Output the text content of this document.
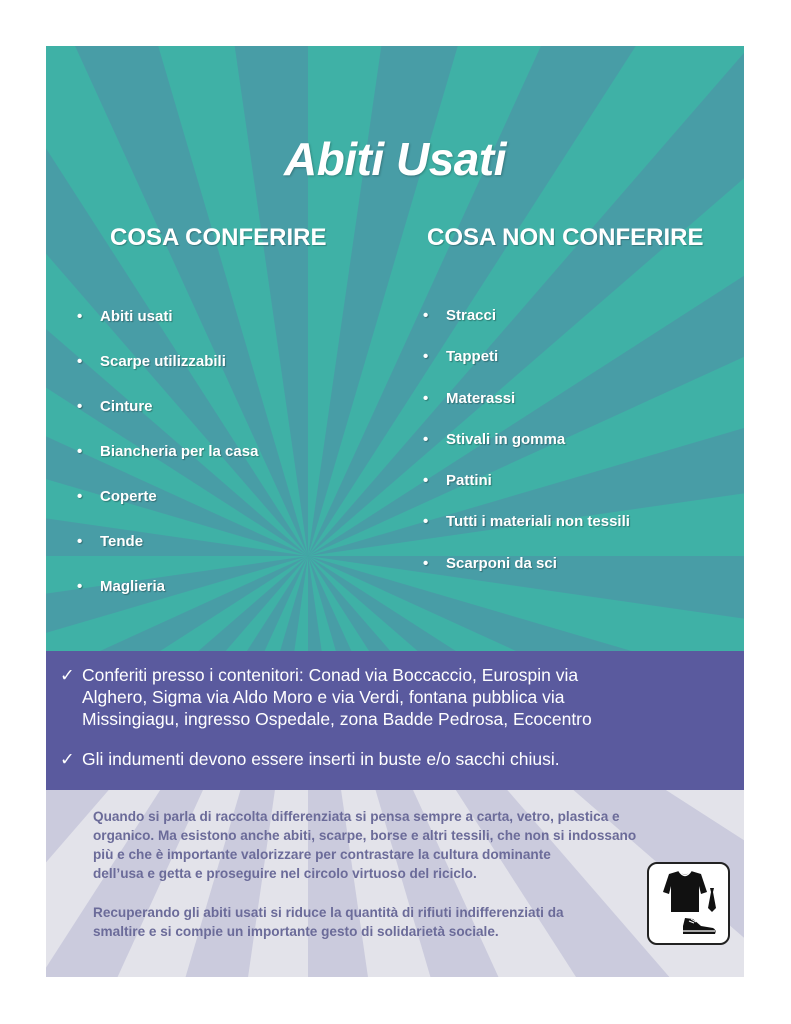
Abiti Usati
COSA CONFERIRE	COSA NON CONFERIRE
• Abiti usati
• Scarpe utilizzabili
• Cinture
• Biancheria per la casa
• Coperte
• Tende
• Maglieria
• Stracci
• Tappeti
• Materassi
• Stivali in gomma
• Pattini
• Tutti i materiali non tessili
• Scarponi da sci
✓ Conferiti presso i contenitori: Conad via Boccaccio, Eurospin via
Alghero, Sigma via Aldo Moro e via Verdi, fontana pubblica via
Missingiagu, ingresso Ospedale, zona Badde Pedrosa, Ecocentro
✓ Gli indumenti devono essere inserti in buste e/o sacchi chiusi.
Quando si parla di raccolta differenziata si pensa sempre a carta, vetro, plastica e
organico. Ma esistono anche abiti, scarpe, borse e altri tessili, che non si indossano
più e che è importante valorizzare per contrastare la cultura dominante
dell’usa e getta e proseguire nel circolo virtuoso del riciclo.
Recuperando gli abiti usati si riduce la quantità di rifiuti indifferenziati da
smaltire e si compie un importante gesto di solidarietà sociale.
